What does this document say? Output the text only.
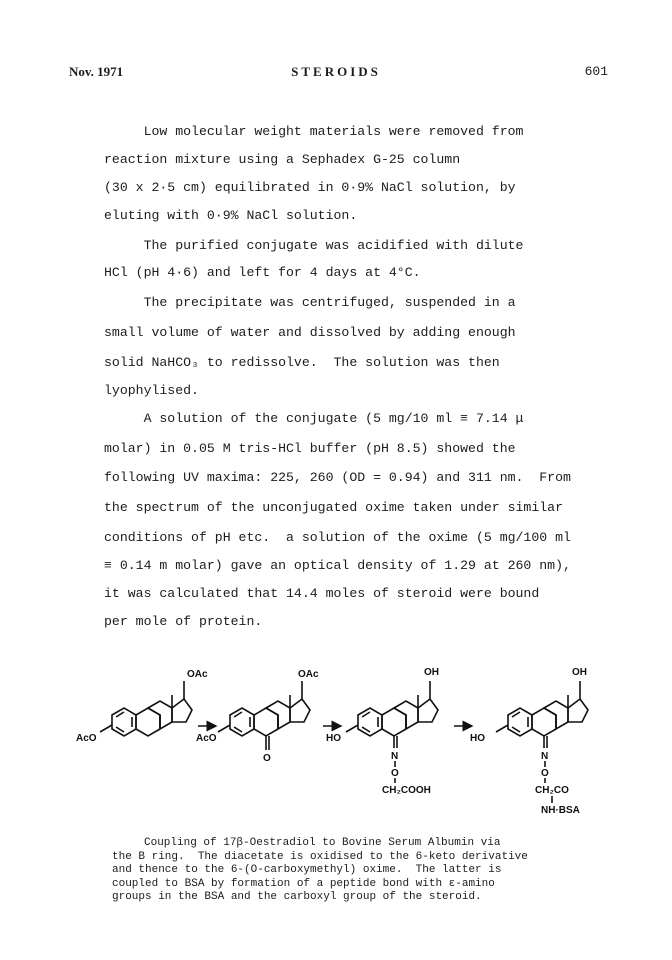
STEROIDS
Nov. 1971	601
Low molecular weight materials were removed from
reaction mixture using a Sephadex G-25 column
(30 x 2·5 cm) equilibrated in 0·9% NaCl solution, by
eluting with 0·9% NaCl solution.
The purified conjugate was acidified with dilute
HCl (pH 4·6) and left for 4 days at 4°C.
The precipitate was centrifuged, suspended in a
small volume of water and dissolved by adding enough
solid NaHCO₃ to redissolve.  The solution was then
lyophylised.
A solution of the conjugate (5 mg/10 ml ≡ 7.14 μ
molar) in 0.05 M tris-HCl buffer (pH 8.5) showed the
following UV maxima: 225, 260 (OD = 0.94) and 311 nm.  From
the spectrum of the unconjugated oxime taken under similar
conditions of pH etc.  a solution of the oxime (5 mg/100 ml
≡ 0.14 m molar) gave an optical density of 1.29 at 260 nm),
it was calculated that 14.4 moles of steroid were bound
per mole of protein.
OAc
AcO
OAc
AcO
O
OH
HO
N
O
CH₂COOH
OH
HO
N
O
CH₂CO
NH·BSA
Coupling of 17β-Oestradiol to Bovine Serum Albumin via
the B ring.  The diacetate is oxidised to the 6-keto derivative
and thence to the 6-(O-carboxymethyl) oxime.  The latter is
coupled to BSA by formation of a peptide bond with ε-amino
groups in the BSA and the carboxyl group of the steroid.
